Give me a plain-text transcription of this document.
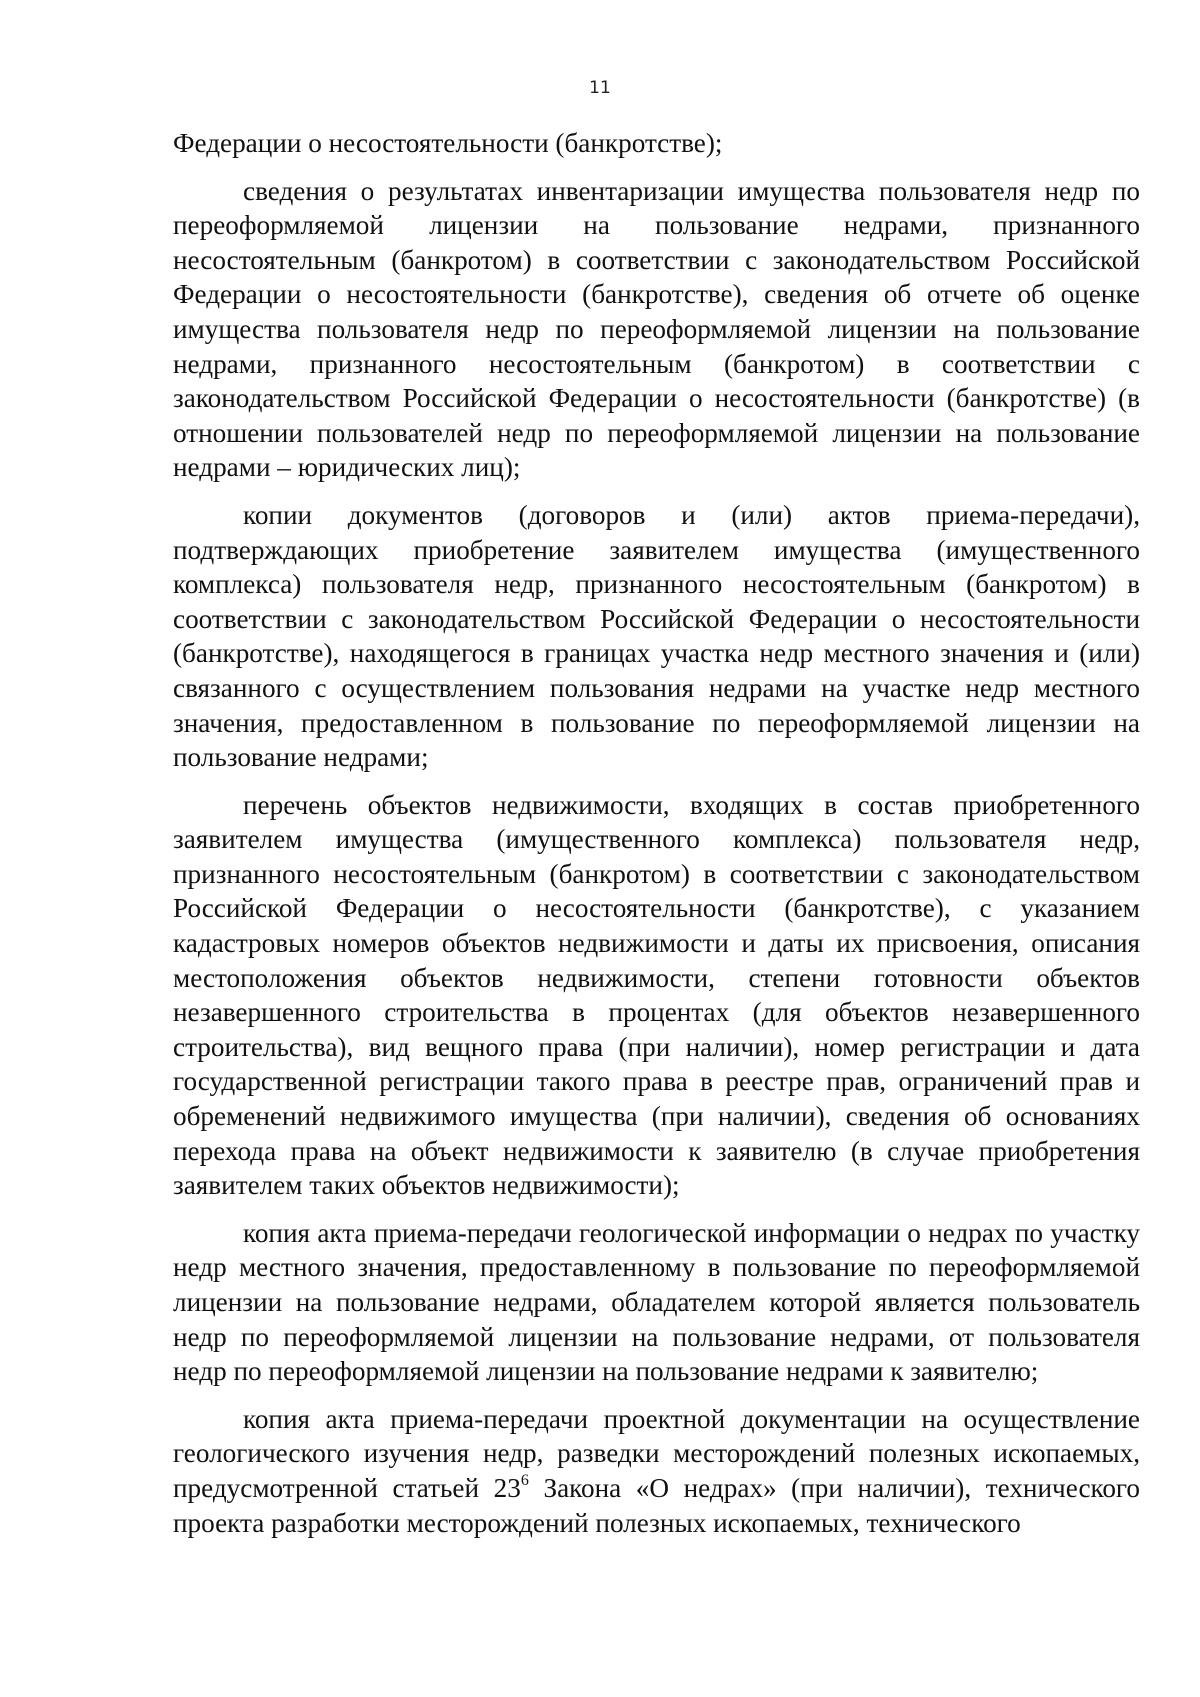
11

Федерации о несостоятельности (банкротстве);

сведения о результатах инвентаризации имущества пользователя недр по переоформляемой лицензии на пользование недрами, признанного несостоятельным (банкротом) в соответствии с законодательством Российской Федерации о несостоятельности (банкротстве), сведения об отчете об оценке имущества пользователя недр по переоформляемой лицензии на пользование недрами, признанного несостоятельным (банкротом) в соответствии с законодательством Российской Федерации о несостоятельности (банкротстве) (в отношении пользователей недр по переоформляемой лицензии на пользование недрами – юридических лиц);

копии документов (договоров и (или) актов приема-передачи), подтверждающих приобретение заявителем имущества (имущественного комплекса) пользователя недр, признанного несостоятельным (банкротом) в соответствии с законодательством Российской Федерации о несостоятельности (банкротстве), находящегося в границах участка недр местного значения и (или) связанного с осуществлением пользования недрами на участке недр местного значения, предоставленном в пользование по переоформляемой лицензии на пользование недрами;

перечень объектов недвижимости, входящих в состав приобретенного заявителем имущества (имущественного комплекса) пользователя недр, признанного несостоятельным (банкротом) в соответствии с законодательством Российской Федерации о несостоятельности (банкротстве), с указанием кадастровых номеров объектов недвижимости и даты их присвоения, описания местоположения объектов недвижимости, степени готовности объектов незавершенного строительства в процентах (для объектов незавершенного строительства), вид вещного права (при наличии), номер регистрации и дата государственной регистрации такого права в реестре прав, ограничений прав и обременений недвижимого имущества (при наличии), сведения об основаниях перехода права на объект недвижимости к заявителю (в случае приобретения заявителем таких объектов недвижимости);

копия акта приема-передачи геологической информации о недрах по участку недр местного значения, предоставленному в пользование по переоформляемой лицензии на пользование недрами, обладателем которой является пользователь недр по переоформляемой лицензии на пользование недрами, от пользователя недр по переоформляемой лицензии на пользование недрами к заявителю;

копия акта приема-передачи проектной документации на осуществление геологического изучения недр, разведки месторождений полезных ископаемых, предусмотренной статьей $23^6$ Закона «О недрах» (при наличии), технического проекта разработки месторождений полезных ископаемых, технического
